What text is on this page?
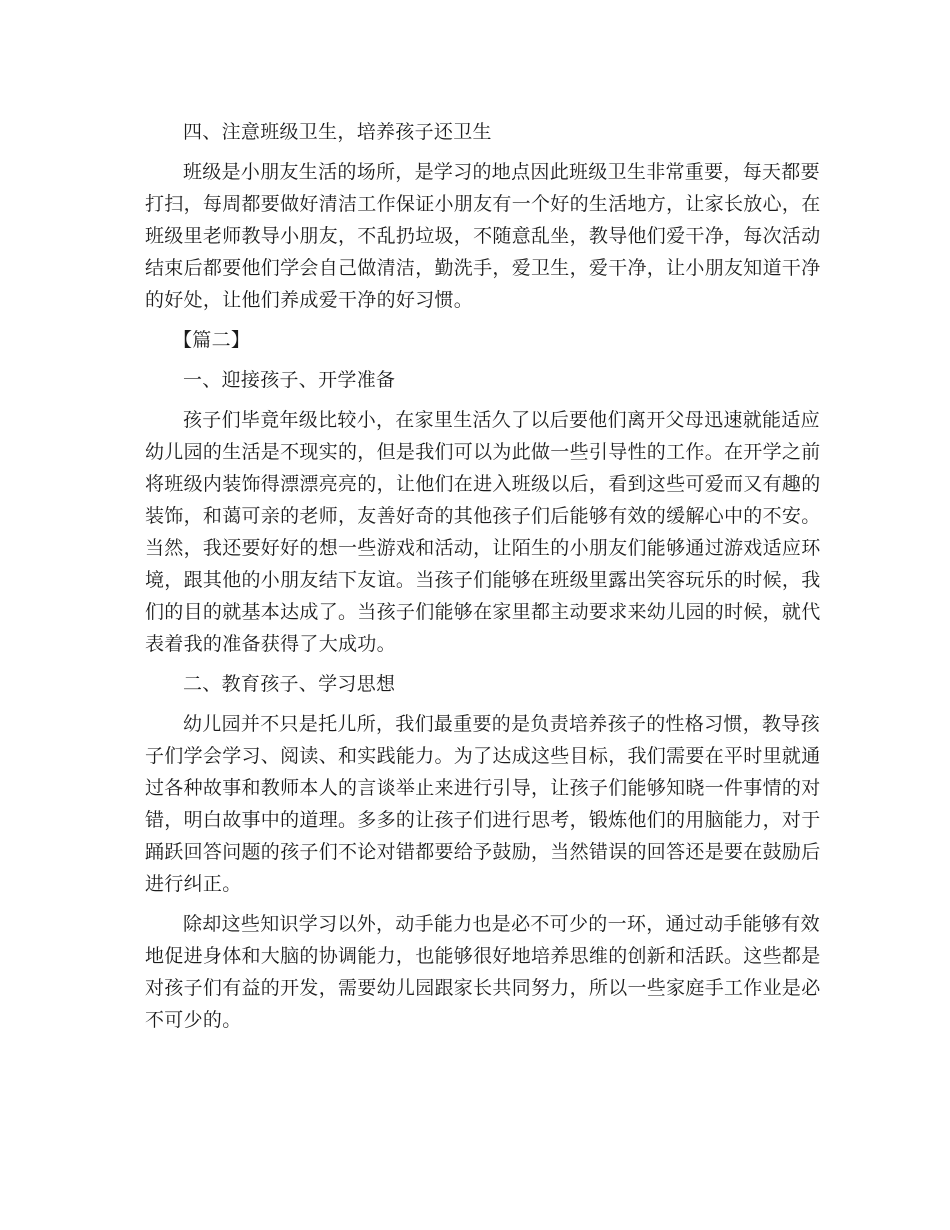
四、注意班级卫生，培养孩子还卫生
班级是小朋友生活的场所，是学习的地点因此班级卫生非常重要，每天都要
打扫，每周都要做好清洁工作保证小朋友有一个好的生活地方，让家长放心，在
班级里老师教导小朋友，不乱扔垃圾，不随意乱坐，教导他们爱干净，每次活动
结束后都要他们学会自己做清洁，勤洗手，爱卫生，爱干净，让小朋友知道干净
的好处，让他们养成爱干净的好习惯。
【篇二】
一、迎接孩子、开学准备
孩子们毕竟年级比较小，在家里生活久了以后要他们离开父母迅速就能适应
幼儿园的生活是不现实的，但是我们可以为此做一些引导性的工作。在开学之前
将班级内装饰得漂漂亮亮的，让他们在进入班级以后，看到这些可爱而又有趣的
装饰，和蔼可亲的老师，友善好奇的其他孩子们后能够有效的缓解心中的不安。
当然，我还要好好的想一些游戏和活动，让陌生的小朋友们能够通过游戏适应环
境，跟其他的小朋友结下友谊。当孩子们能够在班级里露出笑容玩乐的时候，我
们的目的就基本达成了。当孩子们能够在家里都主动要求来幼儿园的时候，就代
表着我的准备获得了大成功。
二、教育孩子、学习思想
幼儿园并不只是托儿所，我们最重要的是负责培养孩子的性格习惯，教导孩
子们学会学习、阅读、和实践能力。为了达成这些目标，我们需要在平时里就通
过各种故事和教师本人的言谈举止来进行引导，让孩子们能够知晓一件事情的对
错，明白故事中的道理。多多的让孩子们进行思考，锻炼他们的用脑能力，对于
踊跃回答问题的孩子们不论对错都要给予鼓励，当然错误的回答还是要在鼓励后
进行纠正。
除却这些知识学习以外，动手能力也是必不可少的一环，通过动手能够有效
地促进身体和大脑的协调能力，也能够很好地培养思维的创新和活跃。这些都是
对孩子们有益的开发，需要幼儿园跟家长共同努力，所以一些家庭手工作业是必
不可少的。
